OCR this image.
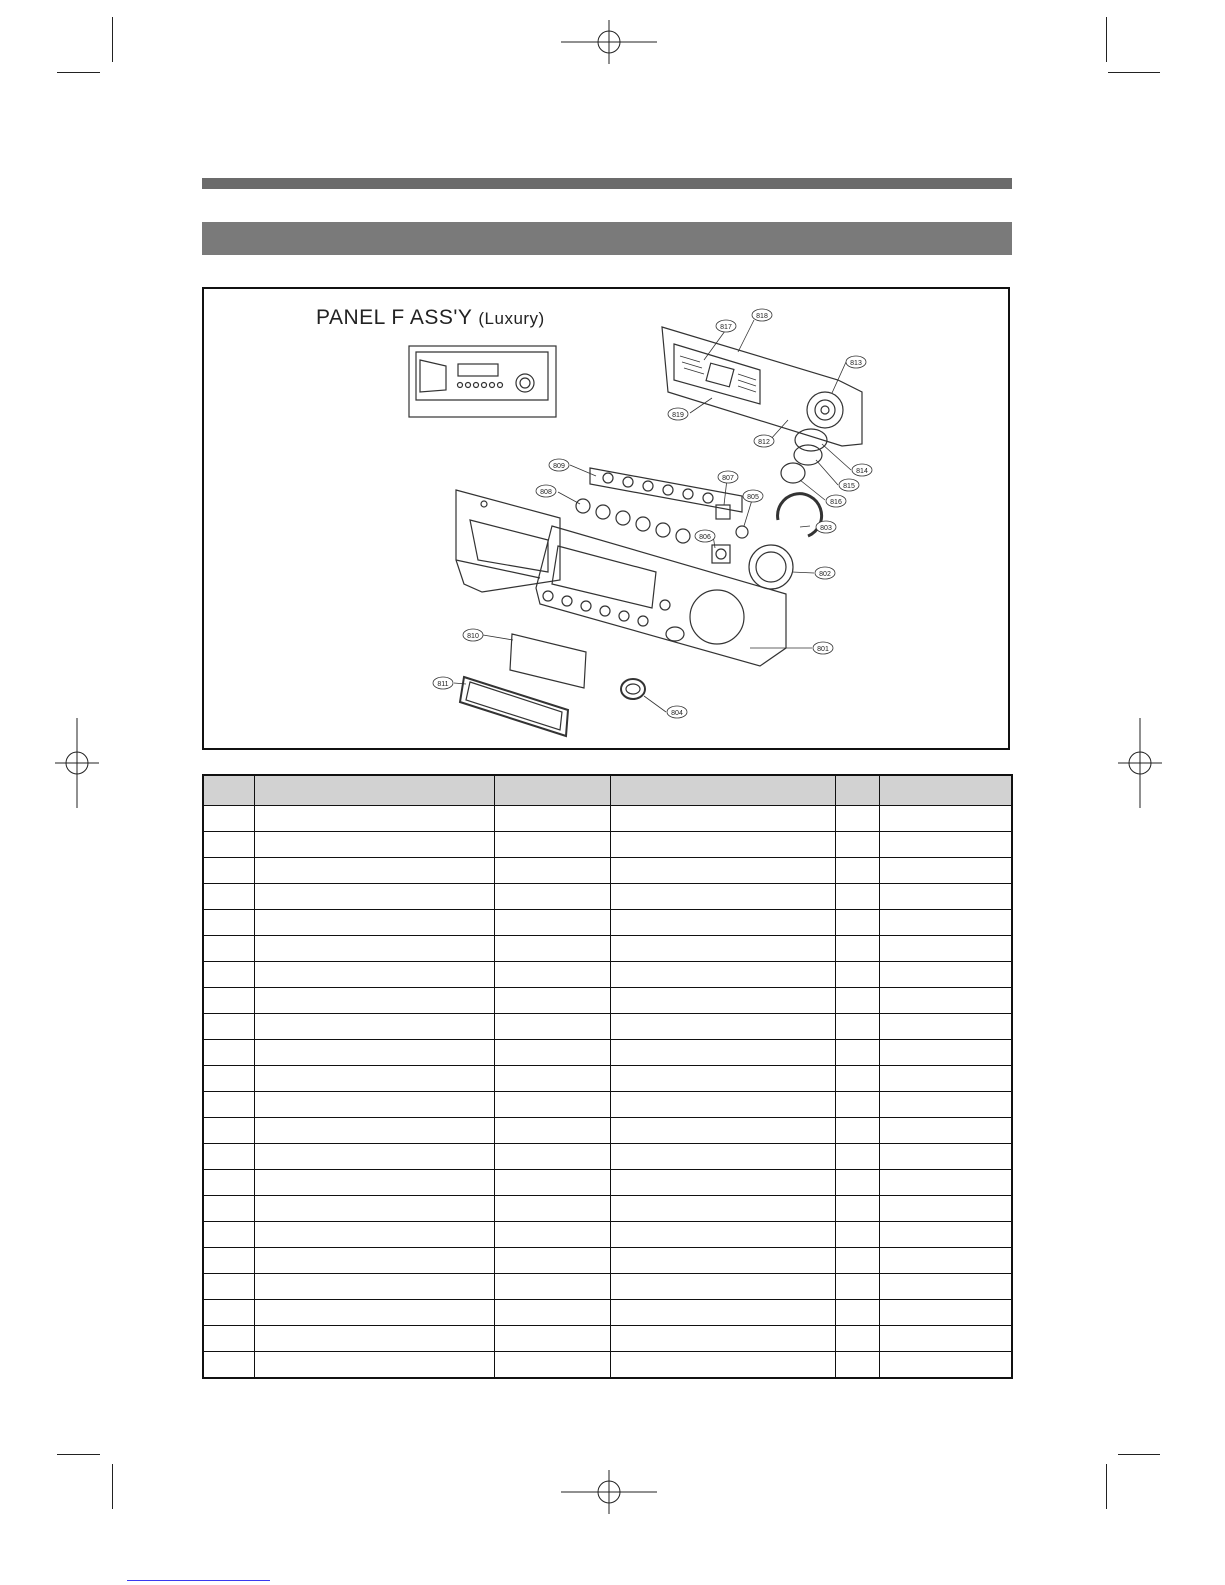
PANEL F ASS'Y (Luxury)	818
817
813
819
812
814
815
816
809
807
808
805
806
803
802
801
810
811
804
